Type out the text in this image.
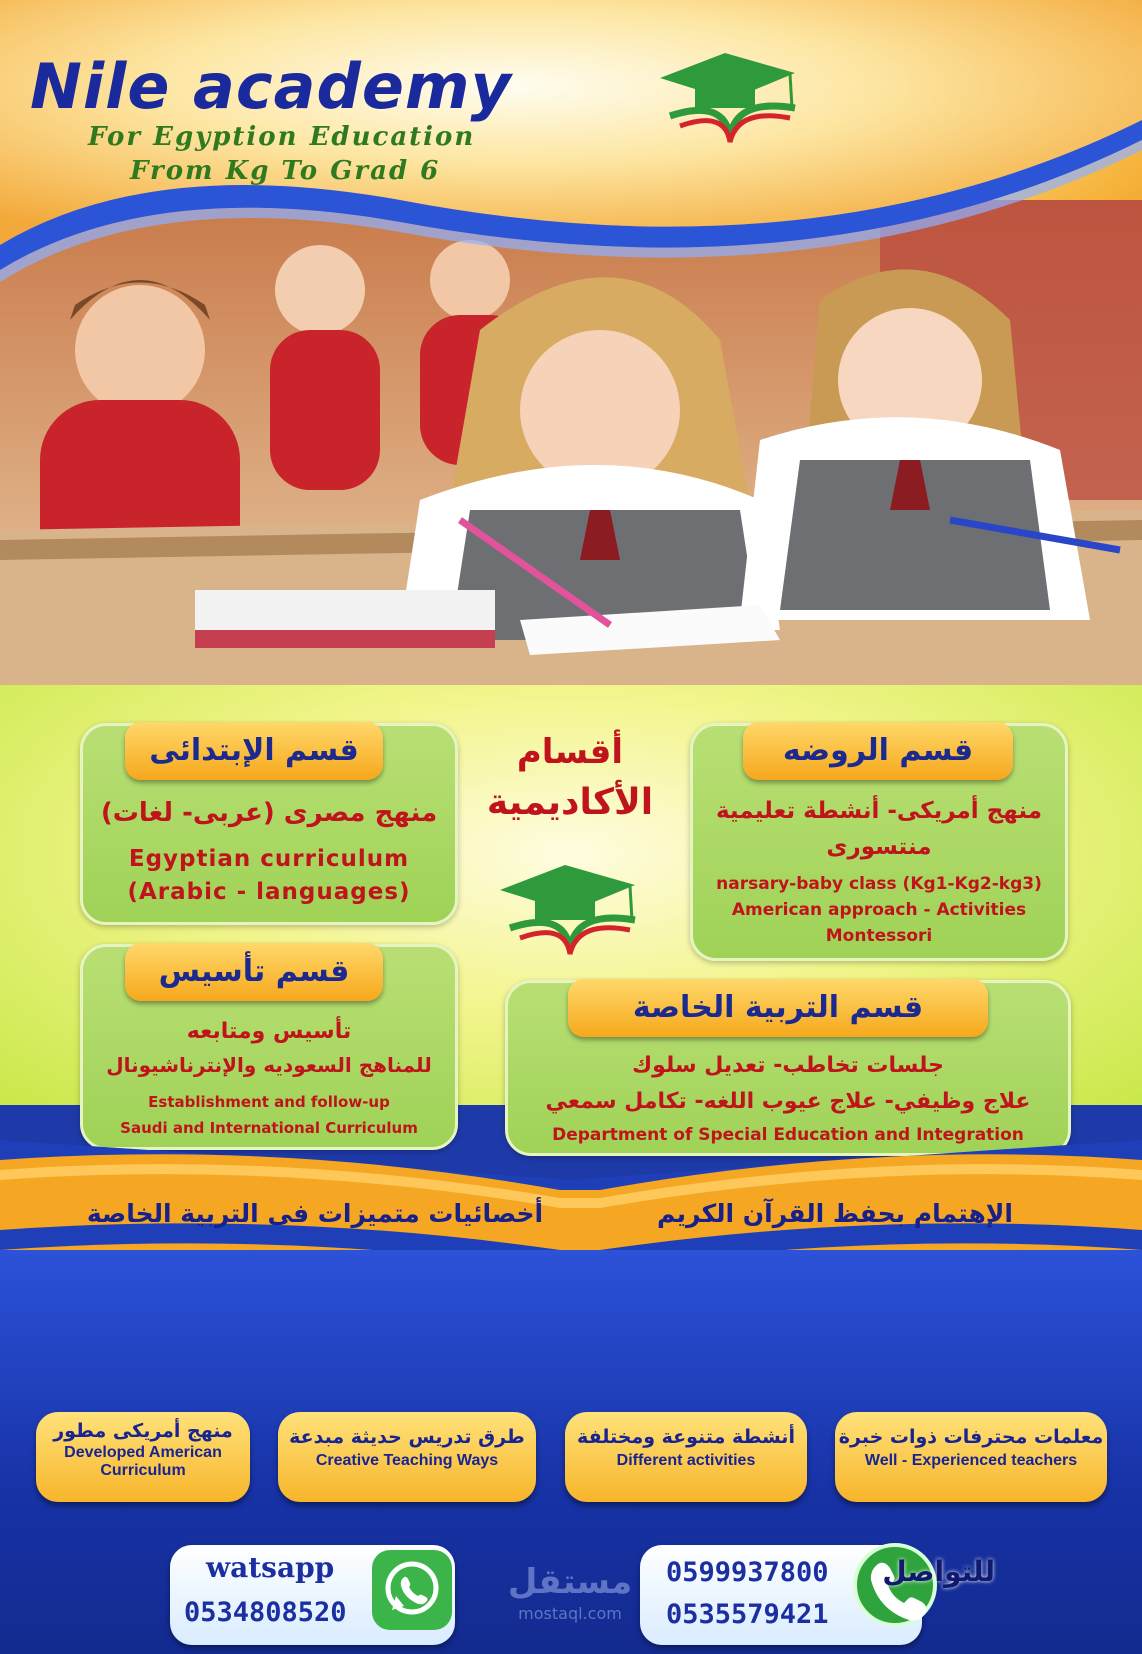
Nile academy
For Egyption Education
From Kg To Grad 6
قسم الإبتدائى
منهج مصرى (عربى- لغات)
Egyptian curriculum
(Arabic - languages)
أقسام
الأكاديمية
قسم الروضه
منهج أمريكى- أنشطة تعليمية
منتسورى
narsary-baby class (Kg1-Kg2-kg3)
American approach - Activities
Montessori
قسم تأسيس
تأسيس ومتابعه
للمناهج السعوديه والإنترناشيونال
Establishment and follow-up
Saudi and International Curriculum
قسم التربية الخاصة
جلسات تخاطب- تعديل سلوك
علاج وظيفي- علاج عيوب اللغه- تكامل سمعي
Department of Special Education and Integration
الإهتمام بحفظ القرآن الكريم
أخصائيات متميزات فى التربية الخاصة
معلمات محترفات ذوات خبرة
Well - Experienced teachers
أنشطة متنوعة ومختلفة
Different activities
طرق تدريس حديثة مبدعة
Creative Teaching Ways
منهج أمريكى مطور
Developed American Curriculum
0599937800
0535579421
للتواصل
مستقل
mostaql.com
watsapp
0534808520
